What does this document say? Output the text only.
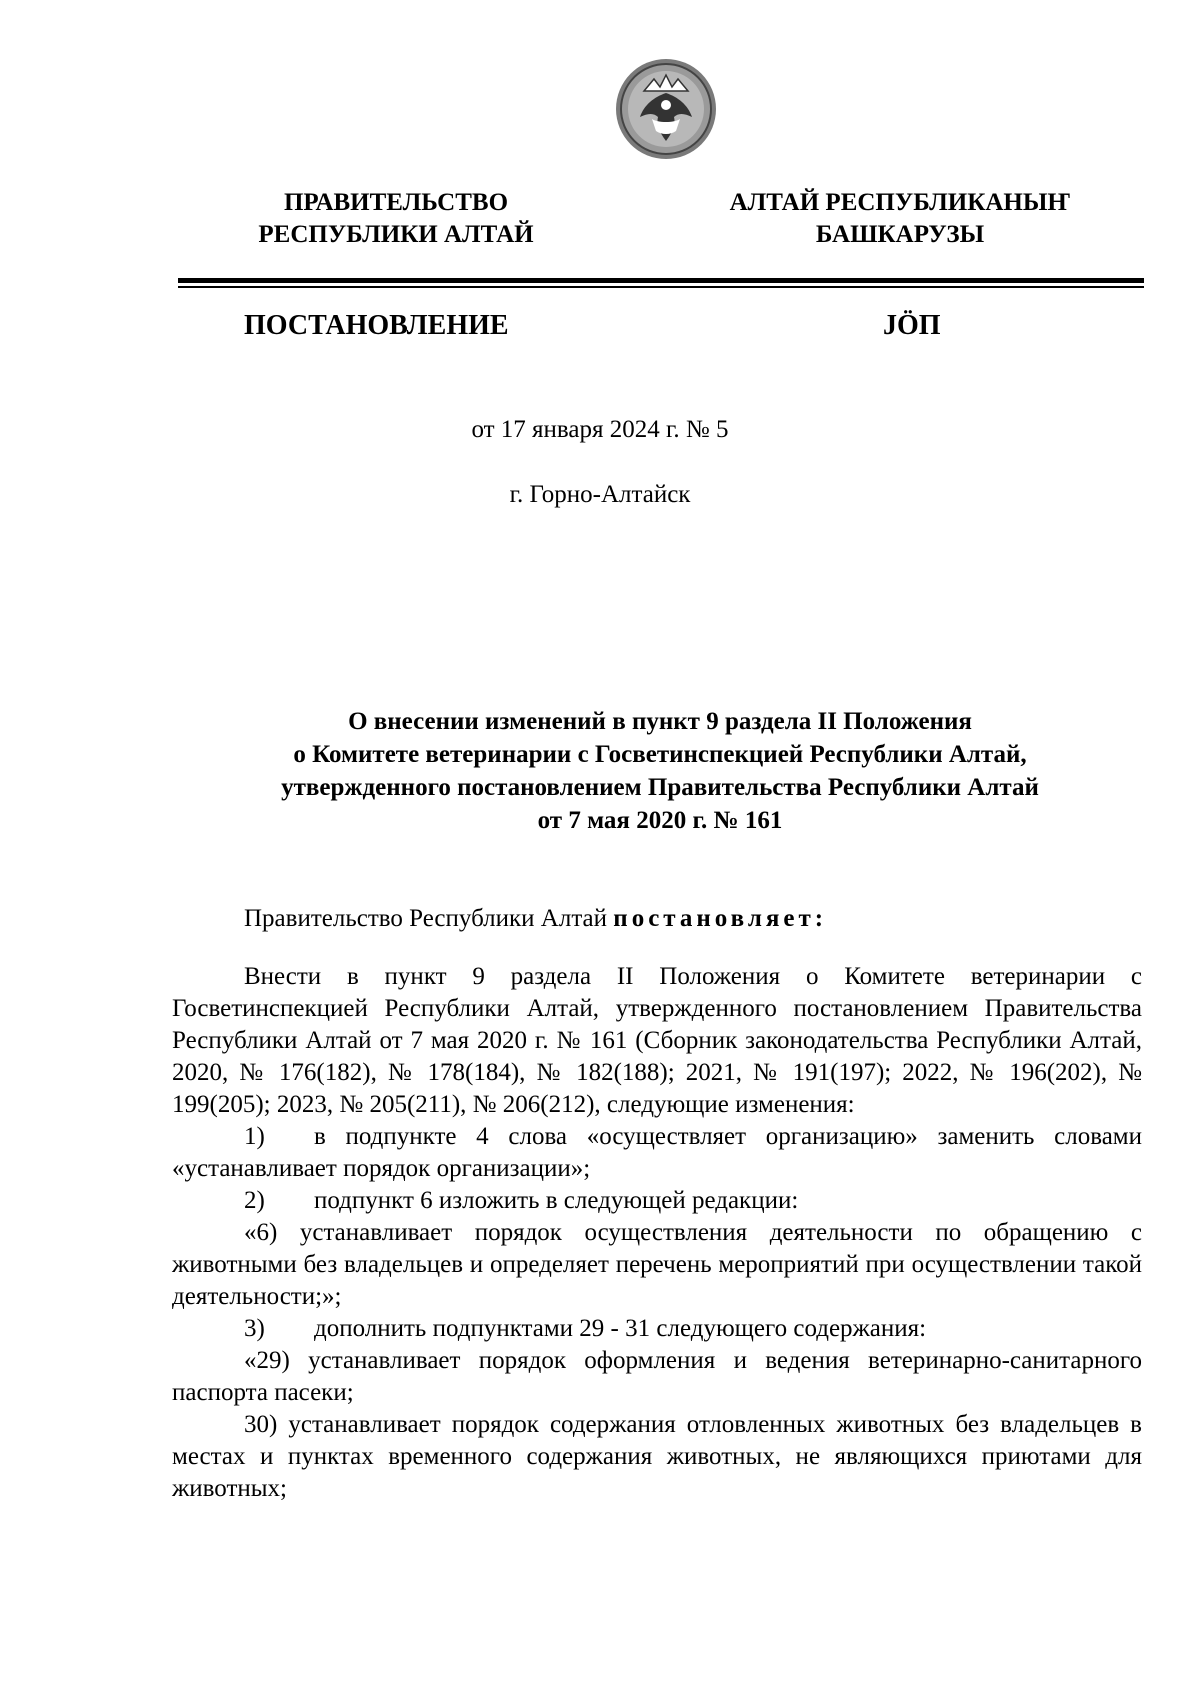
ПРАВИТЕЛЬСТВО
РЕСПУБЛИКИ АЛТАЙ
АЛТАЙ РЕСПУБЛИКАНЫҤ
БАШКАРУЗЫ
ПОСТАНОВЛЕНИЕ	JÖП
от 17 января 2024 г. № 5
г. Горно-Алтайск
О внесении изменений в пункт 9 раздела II Положения
о Комитете ветеринарии с Госветинспекцией Республики Алтай,
утвержденного постановлением Правительства Республики Алтай
от 7 мая 2020 г. № 161

Правительство Республики Алтай постановляет:

Внести в пункт 9 раздела II Положения о Комитете ветеринарии с Госветинспекцией Республики Алтай, утвержденного постановлением Правительства Республики Алтай от 7 мая 2020 г. № 161 (Сборник законодательства Республики Алтай, 2020, № 176(182), № 178(184), № 182(188); 2021, № 191(197); 2022, № 196(202), № 199(205); 2023, № 205(211), № 206(212), следующие изменения:

1) в подпункте 4 слова «осуществляет организацию» заменить словами «устанавливает порядок организации»;

2) подпункт 6 изложить в следующей редакции:

«6) устанавливает порядок осуществления деятельности по обращению с животными без владельцев и определяет перечень мероприятий при осуществлении такой деятельности;»;

3) дополнить подпунктами 29 - 31 следующего содержания:

«29) устанавливает порядок оформления и ведения ветеринарно-санитарного паспорта пасеки;

30) устанавливает порядок содержания отловленных животных без владельцев в местах и пунктах временного содержания животных, не являющихся приютами для животных;
